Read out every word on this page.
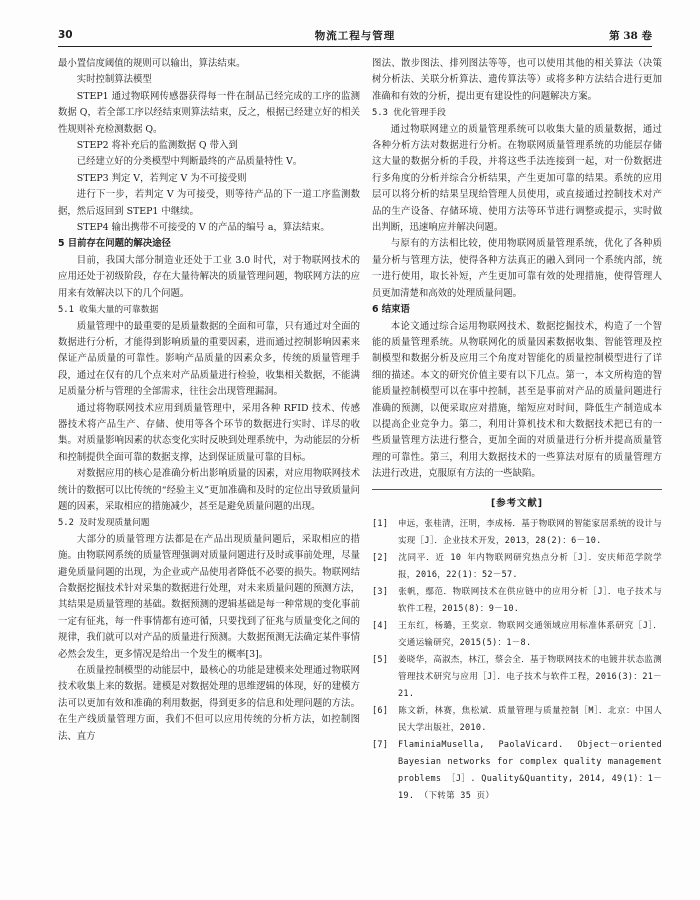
30	物流工程与管理	第 38 卷

最小置信度阈值的规则可以输出，算法结束。

实时控制算法模型

STEP1 通过物联网传感器获得每一件在制品已经完成的工序的监测数据 Q，若全部工序以经结束则算法结束，反之，根据已经建立好的相关性规则补充检测数据 Q。

STEP2 将补充后的监测数据 Q 带入到

已经建立好的分类模型中判断最终的产品质量特性 V。

STEP3 判定 V，若判定 V 为不可接受则

进行下一步，若判定 V 为可接受，则等待产品的下一道工序监测数据，然后返回到 STEP1 中继续。

STEP4 输出携带不可接受的 V 的产品的编号 a，算法结束。

5 目前存在问题的解决途径

目前，我国大部分制造业还处于工业 3.0 时代，对于物联网技术的应用还处于初级阶段，存在大量待解决的质量管理问题，物联网方法的应用来有效解决以下的几个问题。

5.1 收集大量的可靠数据

质量管理中的最重要的是质量数据的全面和可靠，只有通过对全面的数据进行分析，才能得到影响质量的重要因素，进而通过控制影响因素来保证产品质量的可靠性。影响产品质量的因素众多，传统的质量管理手段，通过在仅有的几个点来对产品质量进行检验，收集相关数据，不能满足质量分析与管理的全部需求，往往会出现管理漏洞。

通过将物联网技术应用到质量管理中，采用各种 RFID 技术、传感器技术将产品生产、存储、使用等各个环节的数据进行实时、详尽的收集。对质量影响因素的状态变化实时反映到处理系统中，为动能层的分析和控制提供全面可靠的数据支撑，达到保证质量可靠的目标。

对数据应用的核心是准确分析出影响质量的因素，对应用物联网技术统计的数据可以比传统的“经验主义”更加准确和及时的定位出导致质量问题的因素，采取相应的措施减少，甚至是避免质量问题的出现。

5.2 及时发现质量问题

大部分的质量管理方法都是在产品出现质量问题后，采取相应的措施。由物联网系统的质量管理强调对质量问题进行及时或事前处理，尽量避免质量问题的出现，为企业或产品使用者降低不必要的损失。物联网结合数据挖掘技术针对采集的数据进行处理，对未来质量问题的预测方法，其结果是质量管理的基础。数据预测的逻辑基础是每一种常规的变化事前一定有征兆，每一件事情都有迹可循，只要找到了征兆与质量变化之间的规律，我们就可以对产品的质量进行预测。大数据预测无法确定某件事情必然会发生，更多情况是给出一个发生的概率[3]。

在质量控制模型的动能层中，最核心的功能是建模来处理通过物联网技术收集上来的数据。建模是对数据处理的思维逻辑的体现，好的建模方法可以更加有效和准确的利用数据，得到更多的信息和处理问题的方法。在生产线质量管理方面，我们不但可以应用传统的分析方法，如控制图法、直方

图法、散步图法、排列图法等等，也可以使用其他的相关算法（决策树分析法、关联分析算法、遗传算法等）或将多种方法结合进行更加准确和有效的分析，提出更有建设性的问题解决方案。

5.3 优化管理手段

通过物联网建立的质量管理系统可以收集大量的质量数据，通过各种分析方法对数据进行分析。在物联网质量管理系统的功能层存储这大量的数据分析的手段，并将这些手法连接到一起，对一份数据进行多角度的分析并综合分析结果，产生更加可靠的结果。系统的应用层可以将分析的结果呈现给管理人员使用，或直接通过控制技术对产品的生产设备、存储环境、使用方法等环节进行调整或提示，实时做出判断，迅速响应并解决问题。

与原有的方法相比较，使用物联网质量管理系统，优化了各种质量分析与管理方法，使得各种方法真正的融入到同一个系统内部，统一进行使用，取长补短，产生更加可靠有效的处理措施，使得管理人员更加清楚和高效的处理质量问题。

6 结束语

本论文通过综合运用物联网技术、数据挖掘技术，构造了一个智能的质量管理系统。从物联网化的质量因素数据收集、智能管理及控制模型和数据分析及应用三个角度对智能化的质量控制模型进行了详细的描述。本文的研究价值主要有以下几点。第一，本文所构造的智能质量控制模型可以在事中控制，甚至是事前对产品的质量问题进行准确的预测，以便采取应对措施，缩短应对时间，降低生产制造成本以提高企业竞争力。第二，利用计算机技术和大数据技术把已有的一些质量管理方法进行整合，更加全面的对质量进行分析并提高质量管理的可靠性。第三，利用大数据技术的一些算法对原有的质量管理方法进行改进，克服原有方法的一些缺陷。

[参考文献]

[1] 申远，张桂清，汪明，李成杨．基于物联网的智能家居系统的设计与实现［J］．企业技术开发，2013，28(2)：6－10.

[2] 沈同平．近 10 年内物联网研究热点分析［J］．安庆师范学院学报，2016，22(1)：52－57.

[3] 张帆，鄢范．物联网技术在供应链中的应用分析［J］．电子技术与软件工程，2015(8)：9－10.

[4] 王东红，杨璐，王奖京．物联网交通领域应用标准体系研究［J］．交通运输研究，2015(5)：1－8.

[5] 姜晓华，高淑杰，林江，蔡会全．基于物联网技术的电镀井状态监测管理技术研究与应用［J］．电子技术与软件工程，2016(3)：21－21.

[6] 陈文新，林赛，焦松斌．质量管理与质量控制［M］．北京：中国人民大学出版社，2010.

[7] FlaminiaMusella, PaolaVicard. Object－oriented Bayesian networks for complex quality management problems ［J］. Quality&Quantity, 2014, 49(1)：1－19. （下转第 35 页）
